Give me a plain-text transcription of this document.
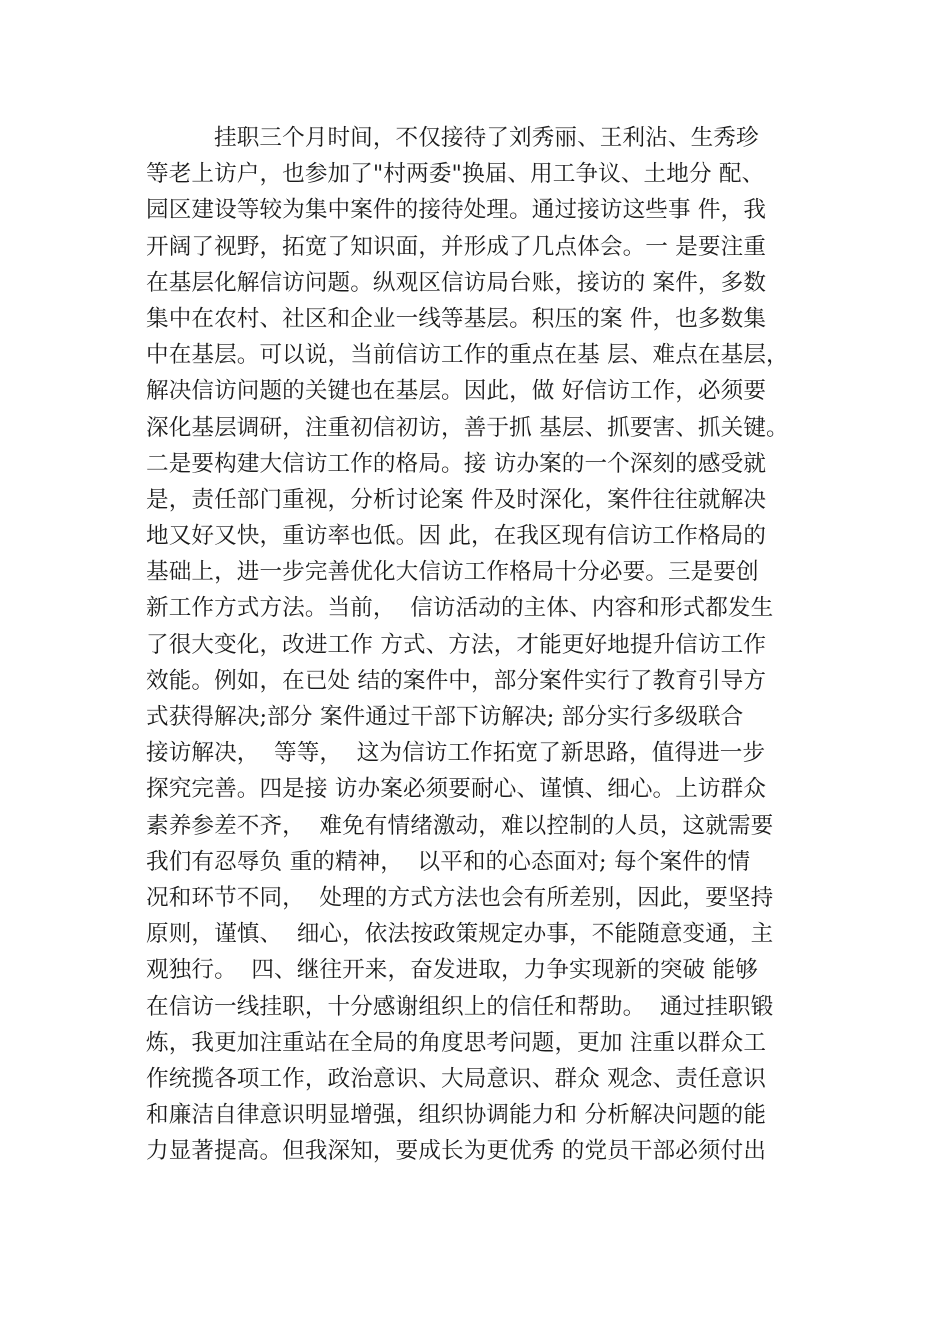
挂职三个月时间，不仅接待了刘秀丽、王利沾、生秀珍
等老上访户，也参加了"村两委"换届、用工争议、土地分 配、
园区建设等较为集中案件的接待处理。通过接访这些事 件，我
开阔了视野，拓宽了知识面，并形成了几点体会。一 是要注重
在基层化解信访问题。纵观区信访局台账，接访的 案件，多数
集中在农村、社区和企业一线等基层。积压的案 件，也多数集
中在基层。可以说，当前信访工作的重点在基 层、难点在基层，
解决信访问题的关键也在基层。因此，做 好信访工作，必须要
深化基层调研，注重初信初访，善于抓 基层、抓要害、抓关键。
二是要构建大信访工作的格局。接 访办案的一个深刻的感受就
是，责任部门重视，分析讨论案 件及时深化，案件往往就解决
地又好又快，重访率也低。因 此，在我区现有信访工作格局的
基础上，进一步完善优化大信访工作格局十分必要。三是要创
新工作方式方法。当前，  信访活动的主体、内容和形式都发生
了很大变化，改进工作 方式、方法，才能更好地提升信访工作
效能。例如，在已处 结的案件中，部分案件实行了教育引导方
式获得解决;部分 案件通过干部下访解决; 部分实行多级联合
接访解决，  等等，  这为信访工作拓宽了新思路，值得进一步
探究完善。四是接 访办案必须要耐心、谨慎、细心。上访群众
素养参差不齐，  难免有情绪激动，难以控制的人员，这就需要
我们有忍辱负 重的精神，  以平和的心态面对; 每个案件的情
况和环节不同，  处理的方式方法也会有所差别，因此，要坚持
原则，谨慎、  细心，依法按政策规定办事，不能随意变通，主
观独行。  四、继往开来，奋发进取，力争实现新的突破 能够
在信访一线挂职，十分感谢组织上的信任和帮助。  通过挂职锻
炼，我更加注重站在全局的角度思考问题，更加 注重以群众工
作统揽各项工作，政治意识、大局意识、群众 观念、责任意识
和廉洁自律意识明显增强，组织协调能力和 分析解决问题的能
力显著提高。但我深知，要成长为更优秀 的党员干部必须付出
